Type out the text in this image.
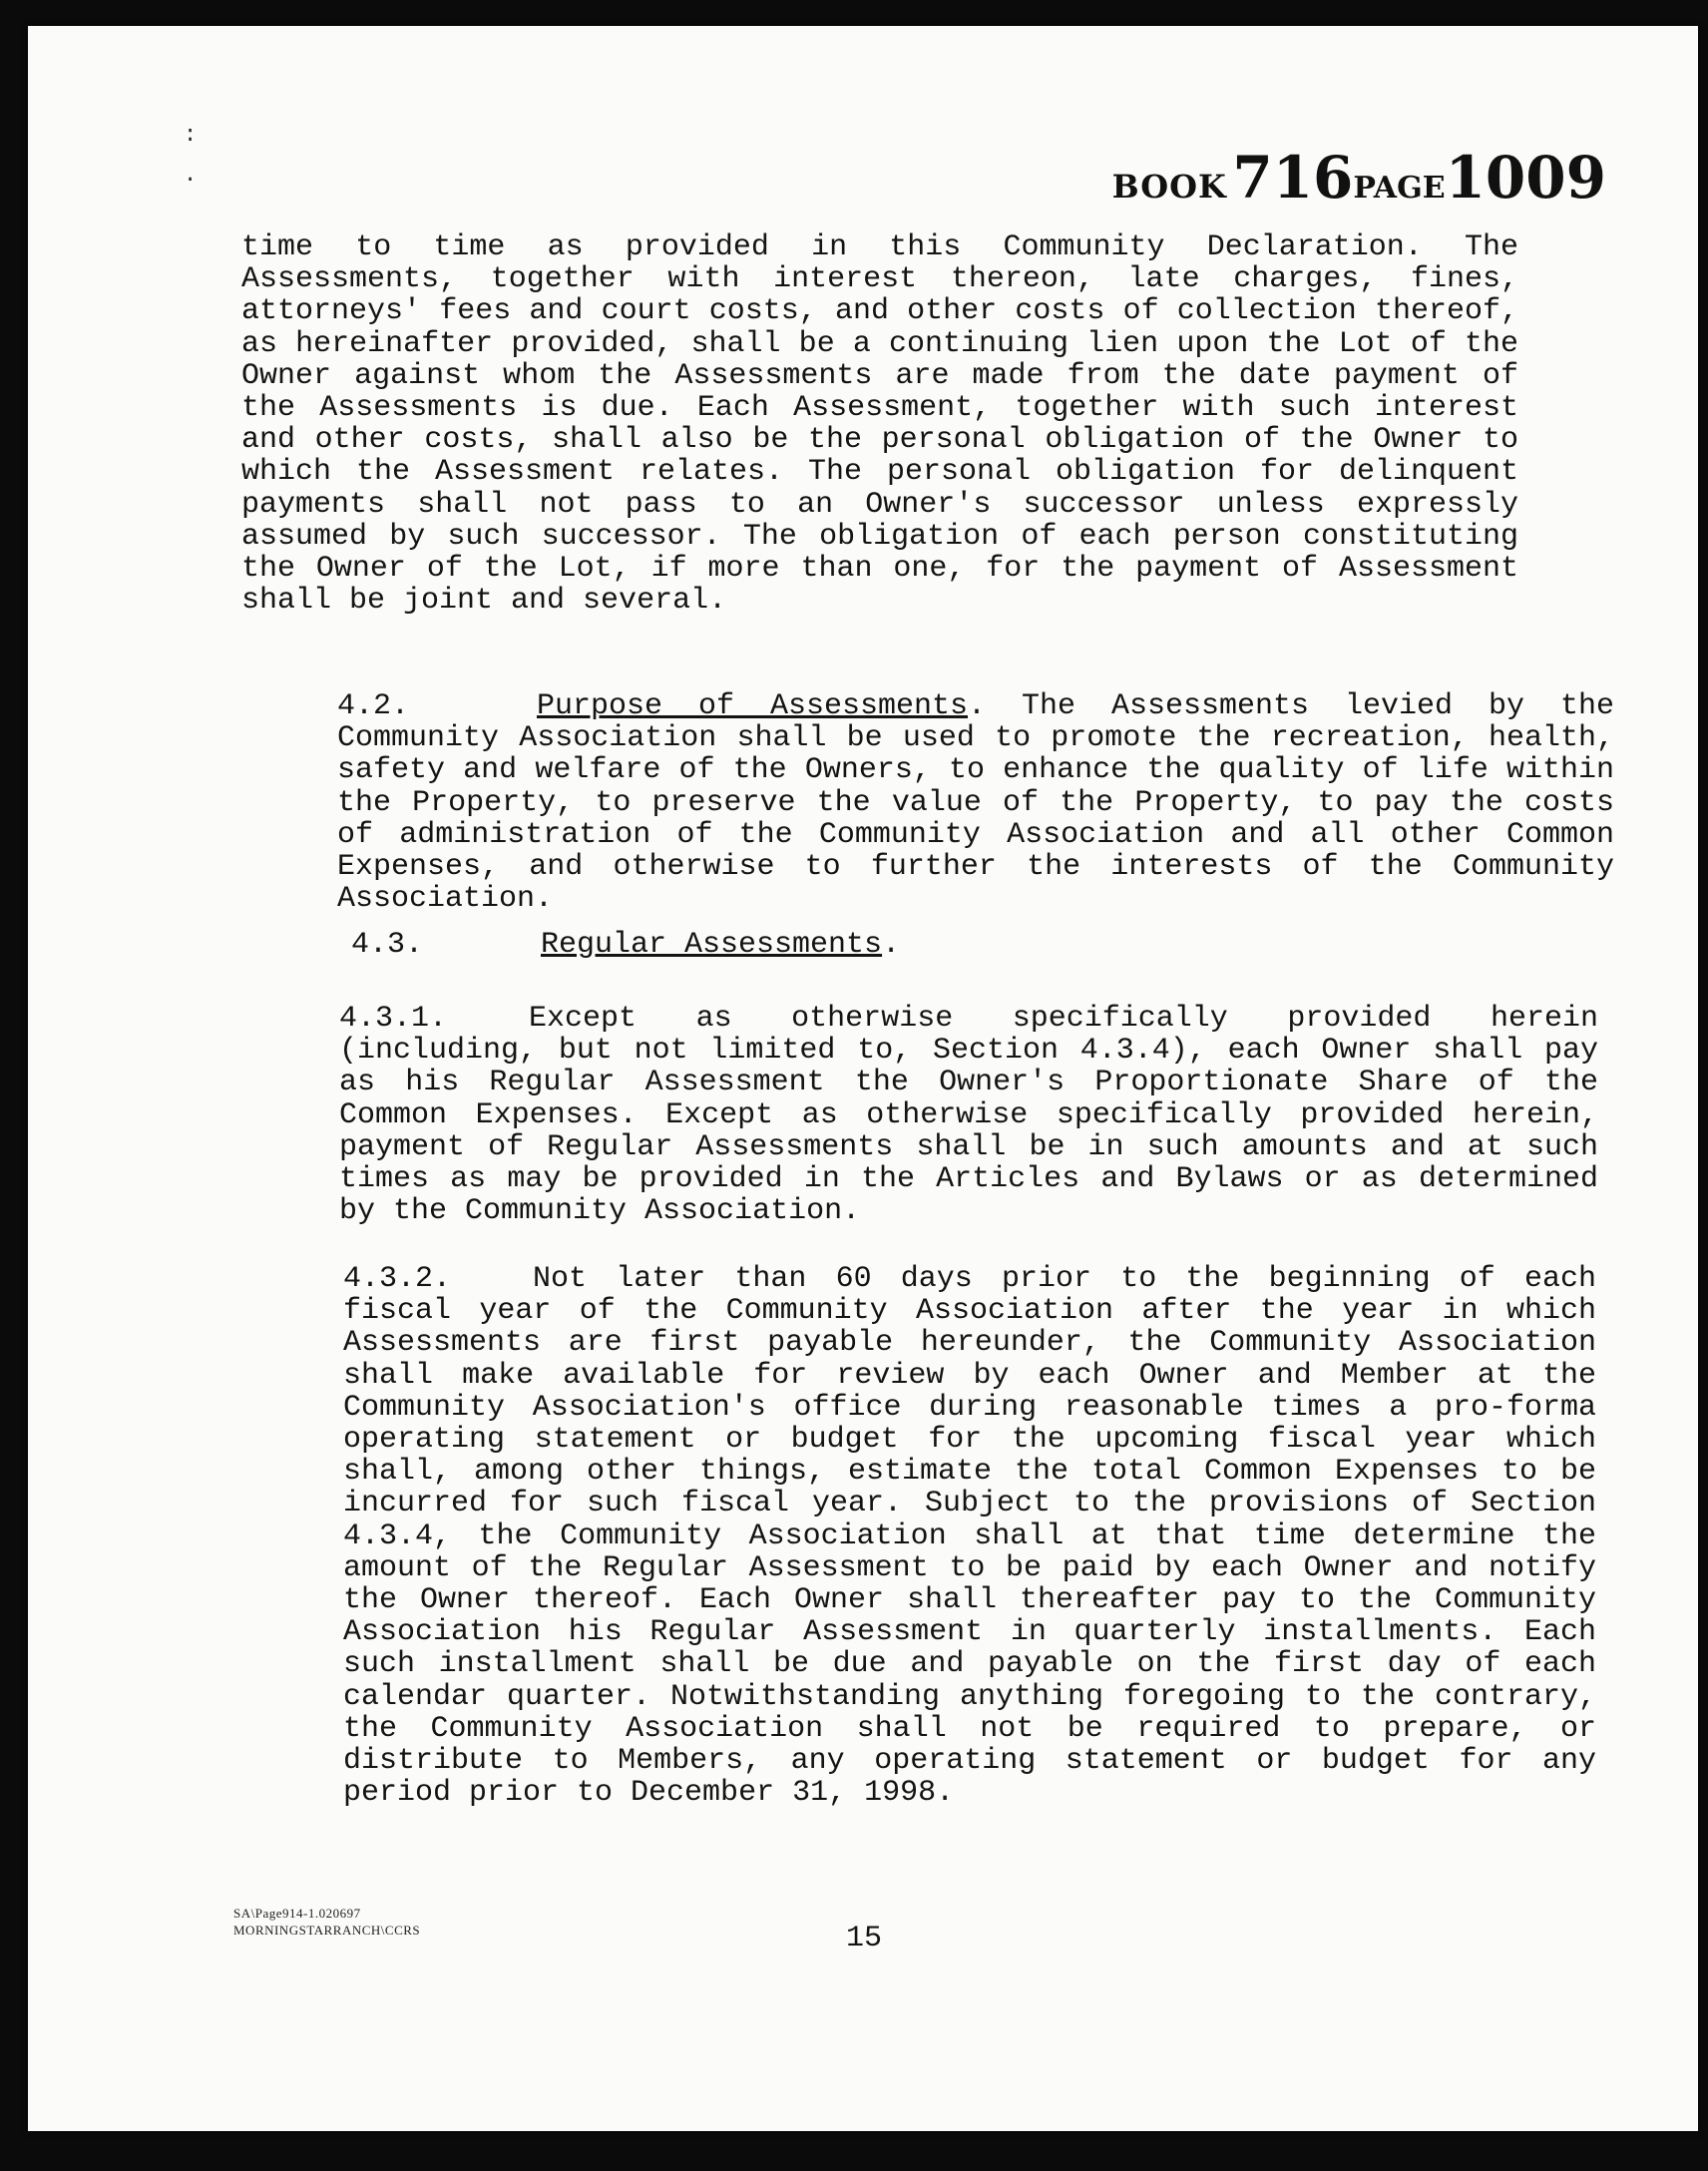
:

.	BOOK 716PAGE1009
time to time as provided in this Community Declaration. The Assessments, together with interest thereon, late charges, fines, attorneys' fees and court costs, and other costs of collection thereof, as hereinafter provided, shall be a continuing lien upon the Lot of the Owner against whom the Assessments are made from the date payment of the Assessments is due. Each Assessment, together with such interest and other costs, shall also be the personal obligation of the Owner to which the Assessment relates. The personal obligation for delinquent payments shall not pass to an Owner's successor unless expressly assumed by such successor. The obligation of each person constituting the Owner of the Lot, if more than one, for the payment of Assessment shall be joint and several.
4.2.	Purpose of Assessments. The Assessments levied by the Community Association shall be used to promote the recreation, health, safety and welfare of the Owners, to enhance the quality of life within the Property, to preserve the value of the Property, to pay the costs of administration of the Community Association and all other Common Expenses, and otherwise to further the interests of the Community Association.
4.3.	Regular Assessments.
4.3.1.	Except as otherwise specifically provided herein (including, but not limited to, Section 4.3.4), each Owner shall pay as his Regular Assessment the Owner's Proportionate Share of the Common Expenses. Except as otherwise specifically provided herein, payment of Regular Assessments shall be in such amounts and at such times as may be provided in the Articles and Bylaws or as determined by the Community Association.
4.3.2.	Not later than 60 days prior to the beginning of each fiscal year of the Community Association after the year in which Assessments are first payable hereunder, the Community Association shall make available for review by each Owner and Member at the Community Association's office during reasonable times a pro-forma operating statement or budget for the upcoming fiscal year which shall, among other things, estimate the total Common Expenses to be incurred for such fiscal year. Subject to the provisions of Section 4.3.4, the Community Association shall at that time determine the amount of the Regular Assessment to be paid by each Owner and notify the Owner thereof. Each Owner shall thereafter pay to the Community Association his Regular Assessment in quarterly installments. Each such installment shall be due and payable on the first day of each calendar quarter. Notwithstanding anything foregoing to the contrary, the Community Association shall not be required to prepare, or distribute to Members, any operating statement or budget for any period prior to December 31, 1998.
SA\Page914-1.020697
MORNINGSTARRANCH\CCRS	15
